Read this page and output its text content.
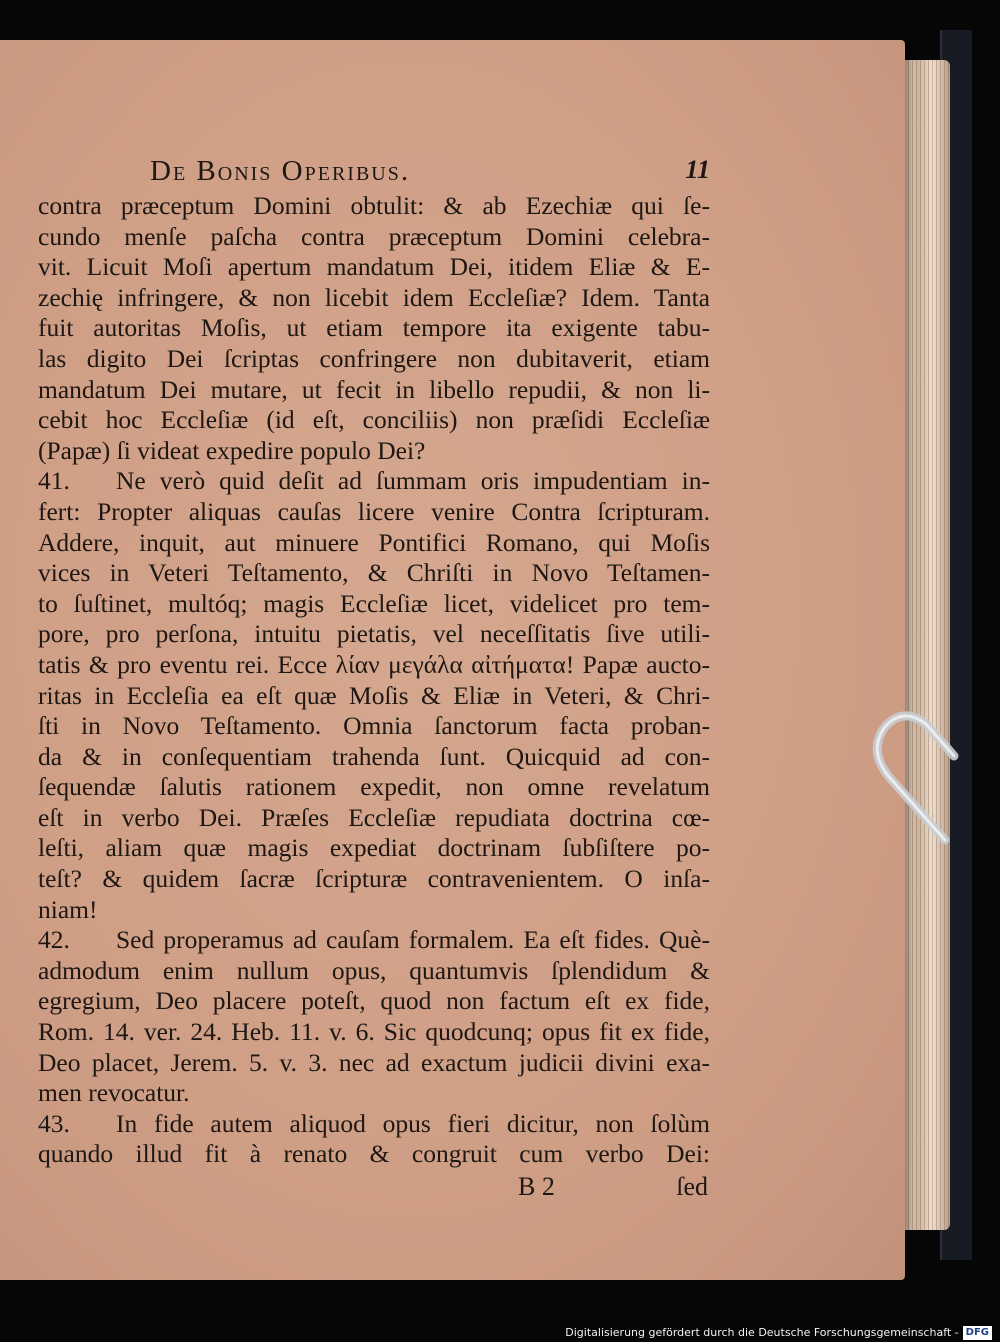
De Bonis Operibus.	11
contra præceptum Domini obtulit: & ab Ezechiæ qui ſe-
cundo menſe paſcha contra præceptum Domini celebra-
vit. Licuit Moſi apertum mandatum Dei, itidem Eliæ & E-
zechię infringere, & non licebit idem Eccleſiæ? Idem. Tanta
fuit autoritas Moſis, ut etiam tempore ita exigente tabu-
las digito Dei ſcriptas confringere non dubitaverit, etiam
mandatum Dei mutare, ut fecit in libello repudii, & non li-
cebit hoc Eccleſiæ (id eſt, conciliis) non præſidi Eccleſiæ
(Papæ) ſi videat expedire populo Dei?
41. Ne verò quid deſit ad ſummam oris impudentiam in-
fert: Propter aliquas cauſas licere venire Contra ſcripturam.
Addere, inquit, aut minuere Pontifici Romano, qui Moſis
vices in Veteri Teſtamento, & Chriſti in Novo Teſtamen-
to ſuſtinet, multóq; magis Eccleſiæ licet, videlicet pro tem-
pore, pro perſona, intuitu pietatis, vel neceſſitatis ſive utili-
tatis & pro eventu rei. Ecce λίαν μεγάλα αἰτήματα! Papæ aucto-
ritas in Eccleſia ea eſt quæ Moſis & Eliæ in Veteri, & Chri-
ſti in Novo Teſtamento. Omnia ſanctorum facta proban-
da & in conſequentiam trahenda ſunt. Quicquid ad con-
ſequendæ ſalutis rationem expedit, non omne revelatum
eſt in verbo Dei. Præſes Eccleſiæ repudiata doctrina cœ-
leſti, aliam quæ magis expediat doctrinam ſubſiſtere po-
teſt? & quidem ſacræ ſcripturæ contravenientem. O inſa-
niam!
42. Sed properamus ad cauſam formalem. Ea eſt fides. Què-
admodum enim nullum opus, quantumvis ſplendidum &
egregium, Deo placere poteſt, quod non factum eſt ex fide,
Rom. 14. ver. 24. Heb. 11. v. 6. Sic quodcunq; opus fit ex fide,
Deo placet, Jerem. 5. v. 3. nec ad exactum judicii divini exa-
men revocatur.
43. In fide autem aliquod opus fieri dicitur, non ſolùm
quando illud fit à renato & congruit cum verbo Dei:
B 2	ſed
Digitalisierung gefördert durch die Deutsche Forschungsgemeinschaft - DFG
